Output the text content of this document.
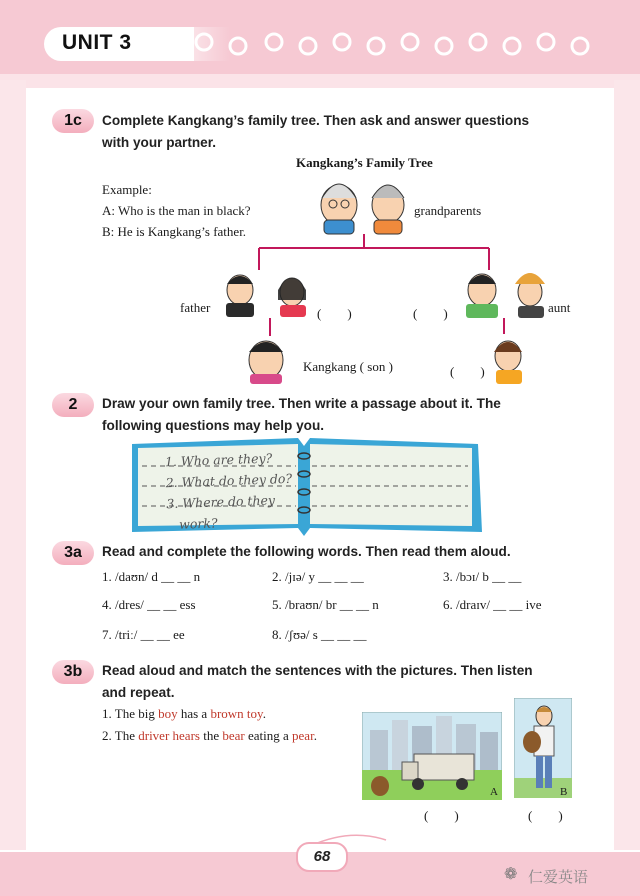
UNIT 3
1c	Complete Kangkang’s family tree. Then ask and answer questions
with your partner.
Kangkang’s Family Tree
Example:
A: Who is the man in black?
B: He is Kangkang’s father.
grandparents
father	(　　)	(　　)	aunt
Kangkang ( son )	(　　)
2	Draw your own family tree. Then write a passage about it. The
following questions may help you.
1. Who are they?
2. What do they do?
3. Where do they
work?
3a	Read and complete the following words. Then read them aloud.
1. /daʊn/ d __ __ n	2. /jɪə/ y __ __ __	3. /bɔɪ/ b __ __
4. /dres/ __ __ ess	5. /braʊn/ br __ __ n	6. /draɪv/ __ __ ive
7. /triː/ __ __ ee	8. /ʃʊə/ s __ __ __
3b	Read aloud and match the sentences with the pictures. Then listen
and repeat.
1. The big boy has a brown toy.
2. The driver hears the bear eating a pear.
A	B
(　　)	(　　)
68
❁ 仁爱英语
